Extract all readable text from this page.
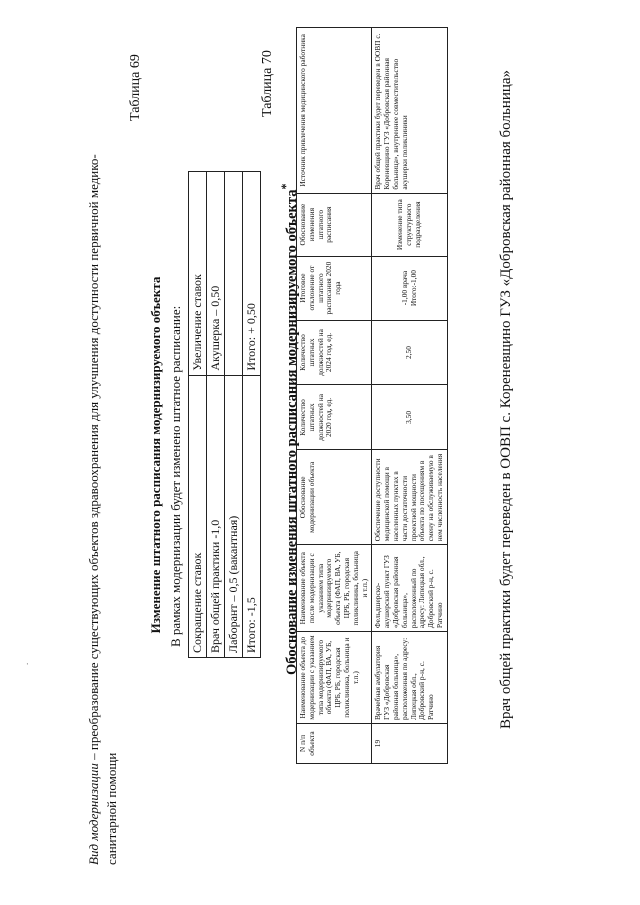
Вид модернизации – преобразование существующих объектов здравоохранения для улучшения доступности первичной медико-
санитарной помощи
.
Таблица 69
Изменение штатного расписания модернизируемого объекта В рамках модернизации будет изменено штатное расписание: Сокращение ставок	Увеличение ставок
Врач общей практики -1,0	Акушерка – 0,50
Лаборант – 0,5 (вакантная)	
Итого: -1,5	Итого: + 0,50
Таблица 70
Обоснование изменения штатного расписания модернизируемого объекта*
N п/п объекта	Наименование объекта до модернизации с указанием типа модернизируемого объекта (ФАП, ВА, УБ, ЦРБ, РБ, городская поликлиника, больница и т.п.)	Наименование объекта после модернизации с указанием типа модернизируемого объекта (ФАП, ВА, УБ, ЦРБ, РБ, городская поликлиника, больница и т.п.)	Обоснование модернизации объекта	Количество штатных должностей на 2020 год, ед.	Количество штатных должностей на 2024 год, ед.	Итоговое отклонение от штатного расписания 2020 года	Обоснование изменения штатного расписания	Источник привлечения медицинского работника
19	Врачебная амбулатория ГУЗ «Добровская районная больница», расположенная по адресу: Липецкая обл., Добровский р-н, с. Ратчино	Фельдшерско-акушерский пункт ГУЗ «Добровская районная больница», расположенный по адресу: Липецкая обл., Добровский р-н, с. Ратчино	Обеспечение доступности медицинской помощи в населенных пунктах в части достаточности проектной мощности объекта по посещениям в смену на обслуживаемую в нем численность населения	3,50	2,50	-1,00 врача Итого:-1,00	Изменение типа структурного подразделения	Врач общей практики будет переведен в ООВП с. Кореневщино ГУЗ «Добровская районная больница», внутреннее совместительство акушерки поликлиники	Врач общей практики будет переведен в ООВП с. Кореневщино ГУЗ «Добровская районная больница»
